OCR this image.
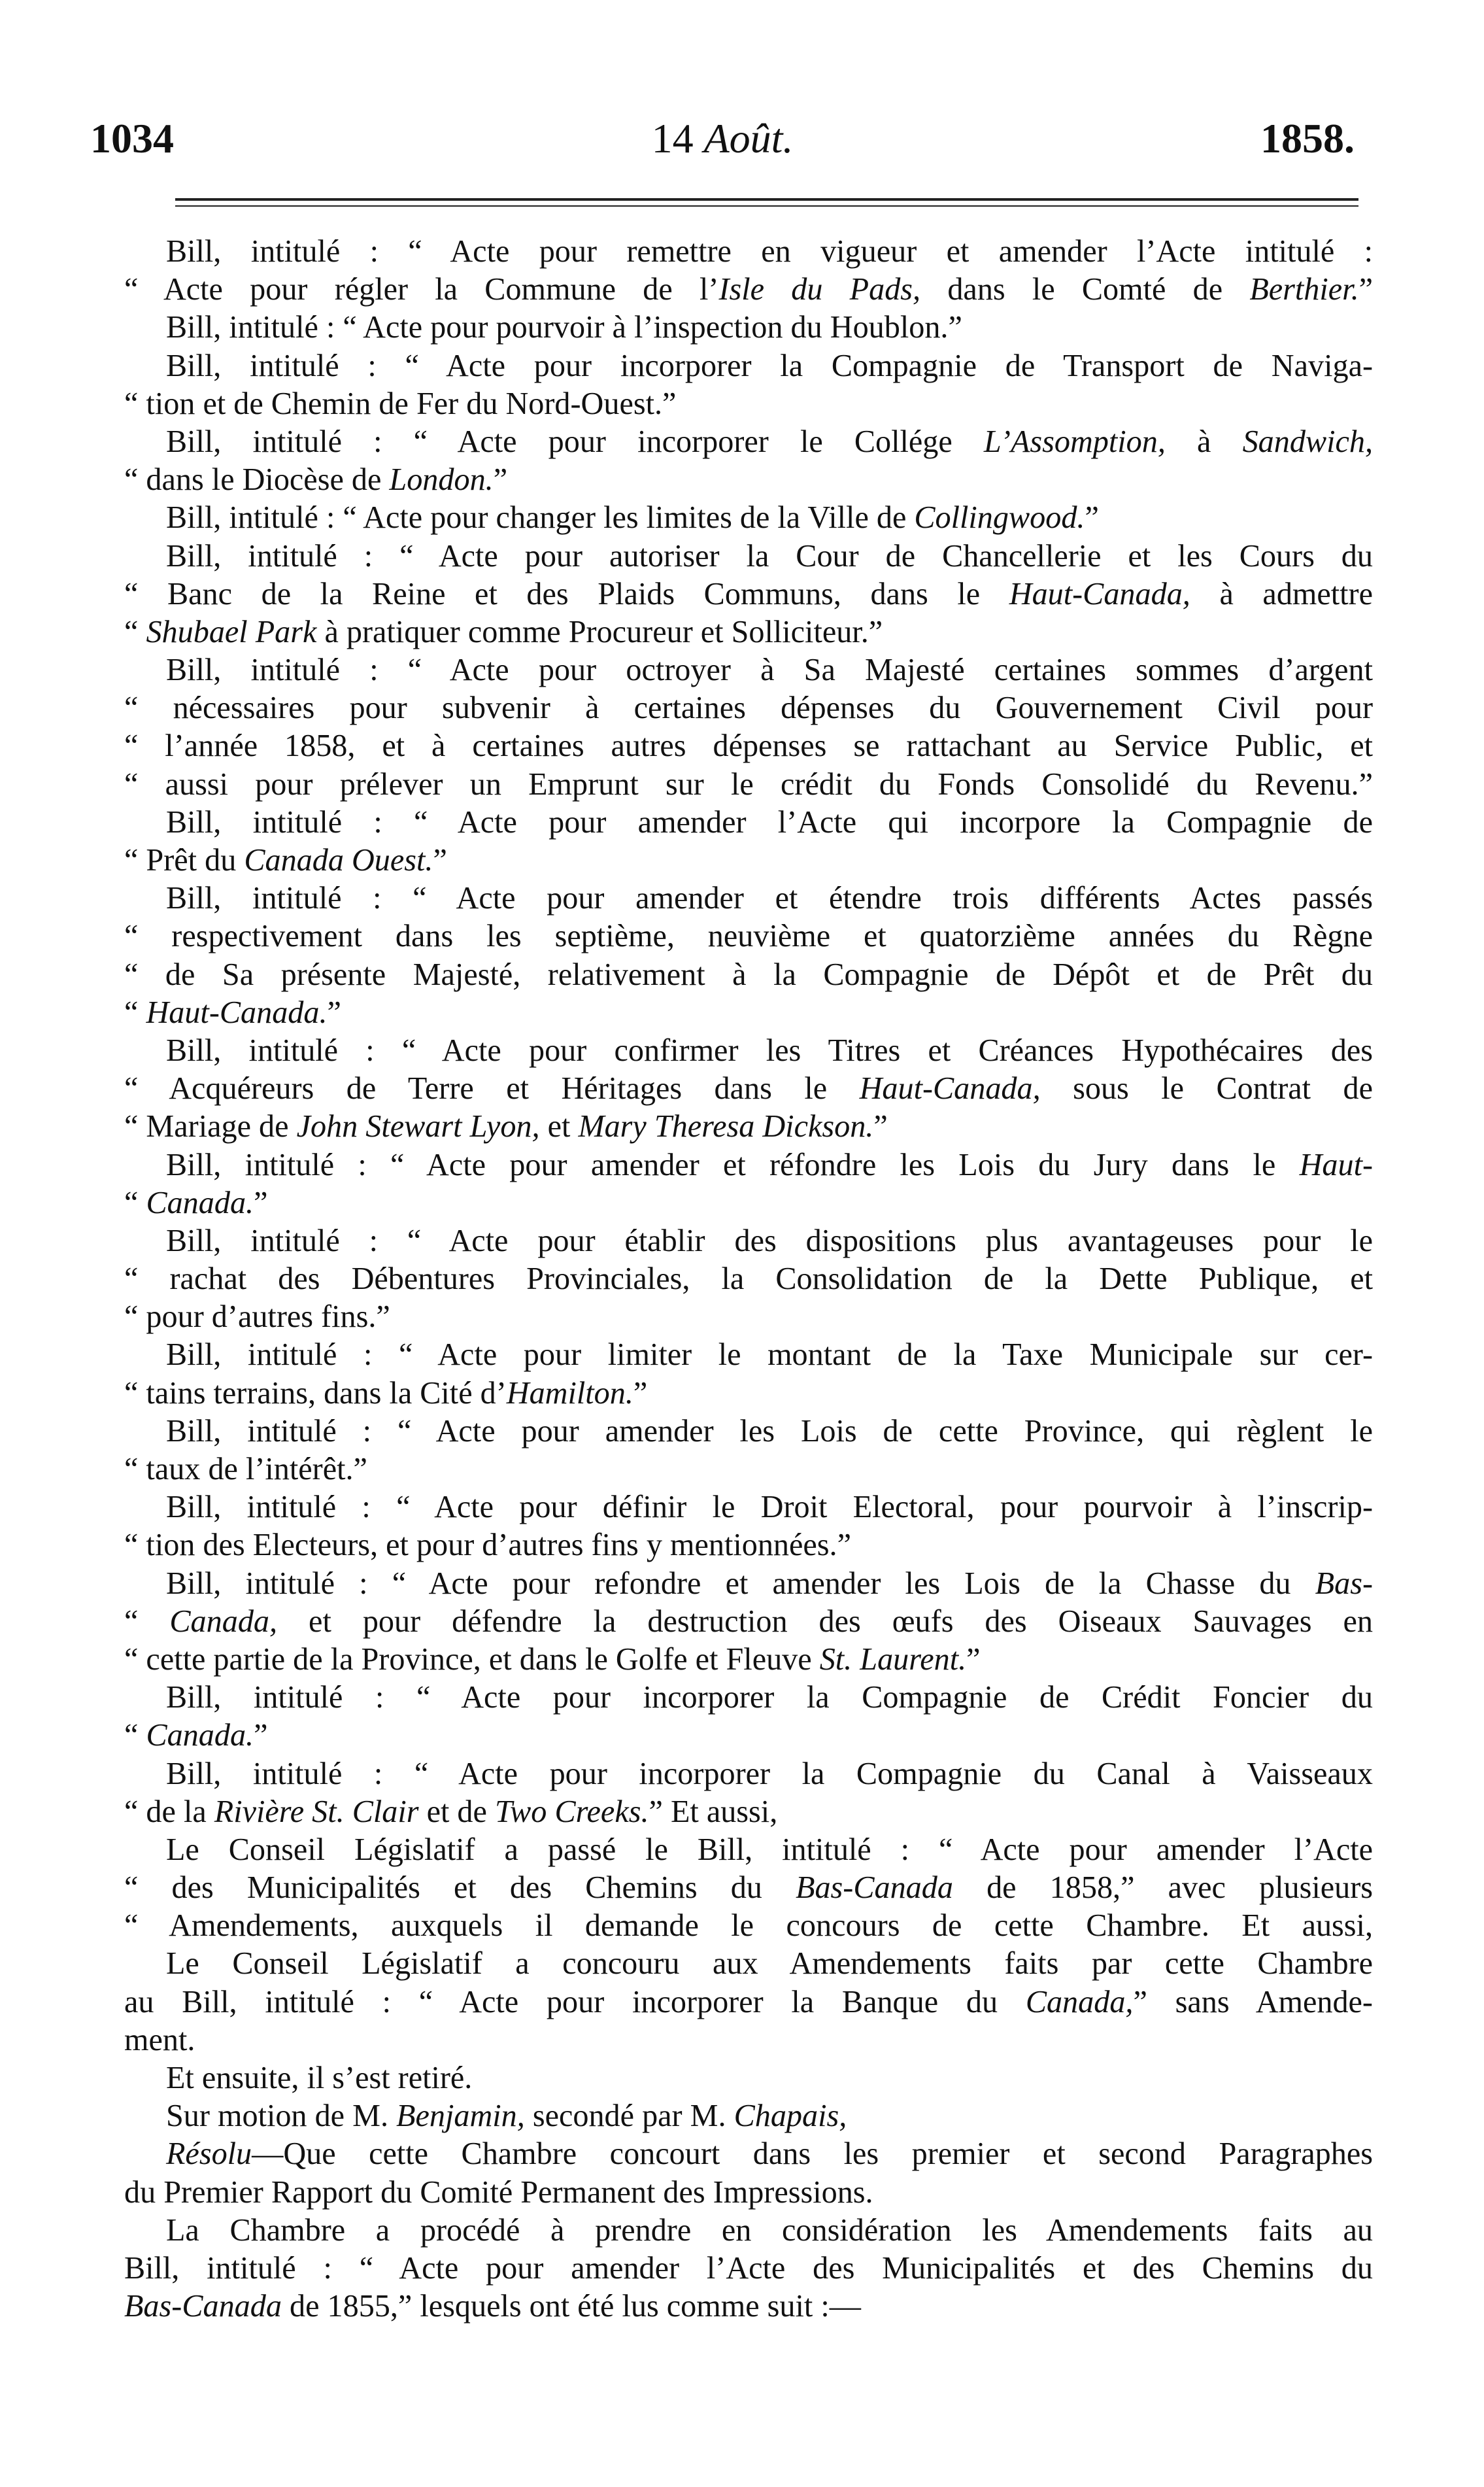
1034	14 Août.	1858.
Bill, intitulé : “ Acte pour remettre en vigueur et amender l’Acte intitulé :
“ Acte pour régler la Commune de l’Isle du Pads, dans le Comté de Berthier.”
Bill, intitulé : “ Acte pour pourvoir à l’inspection du Houblon.”
Bill, intitulé : “ Acte pour incorporer la Compagnie de Transport de Naviga-
“ tion et de Chemin de Fer du Nord-Ouest.”
Bill, intitulé : “ Acte pour incorporer le Collége L’Assomption, à Sandwich,
“ dans le Diocèse de London.”
Bill, intitulé : “ Acte pour changer les limites de la Ville de Collingwood.”
Bill, intitulé : “ Acte pour autoriser la Cour de Chancellerie et les Cours du
“ Banc de la Reine et des Plaids Communs, dans le Haut-Canada, à admettre
“ Shubael Park à pratiquer comme Procureur et Solliciteur.”
Bill, intitulé : “ Acte pour octroyer à Sa Majesté certaines sommes d’argent
“ nécessaires pour subvenir à certaines dépenses du Gouvernement Civil pour
“ l’année 1858, et à certaines autres dépenses se rattachant au Service Public, et
“ aussi pour prélever un Emprunt sur le crédit du Fonds Consolidé du Revenu.”
Bill, intitulé : “ Acte pour amender l’Acte qui incorpore la Compagnie de
“ Prêt du Canada Ouest.”
Bill, intitulé : “ Acte pour amender et étendre trois différents Actes passés
“ respectivement dans les septième, neuvième et quatorzième années du Règne
“ de Sa présente Majesté, relativement à la Compagnie de Dépôt et de Prêt du
“ Haut-Canada.”
Bill, intitulé : “ Acte pour confirmer les Titres et Créances Hypothécaires des
“ Acquéreurs de Terre et Héritages dans le Haut-Canada, sous le Contrat de
“ Mariage de John Stewart Lyon, et Mary Theresa Dickson.”
Bill, intitulé : “ Acte pour amender et réfondre les Lois du Jury dans le Haut-
“ Canada.”
Bill, intitulé : “ Acte pour établir des dispositions plus avantageuses pour le
“ rachat des Débentures Provinciales, la Consolidation de la Dette Publique, et
“ pour d’autres fins.”
Bill, intitulé : “ Acte pour limiter le montant de la Taxe Municipale sur cer-
“ tains terrains, dans la Cité d’Hamilton.”
Bill, intitulé : “ Acte pour amender les Lois de cette Province, qui règlent le
“ taux de l’intérêt.”
Bill, intitulé : “ Acte pour définir le Droit Electoral, pour pourvoir à l’inscrip-
“ tion des Electeurs, et pour d’autres fins y mentionnées.”
Bill, intitulé : “ Acte pour refondre et amender les Lois de la Chasse du Bas-
“ Canada, et pour défendre la destruction des œufs des Oiseaux Sauvages en
“ cette partie de la Province, et dans le Golfe et Fleuve St. Laurent.”
Bill, intitulé : “ Acte pour incorporer la Compagnie de Crédit Foncier du
“ Canada.”
Bill, intitulé : “ Acte pour incorporer la Compagnie du Canal à Vaisseaux
“ de la Rivière St. Clair et de Two Creeks.” Et aussi,
Le Conseil Législatif a passé le Bill, intitulé : “ Acte pour amender l’Acte
“ des Municipalités et des Chemins du Bas-Canada de 1858,” avec plusieurs
“ Amendements, auxquels il demande le concours de cette Chambre. Et aussi,
Le Conseil Législatif a concouru aux Amendements faits par cette Chambre
au Bill, intitulé : “ Acte pour incorporer la Banque du Canada,” sans Amende-
ment.
Et ensuite, il s’est retiré.
Sur motion de M. Benjamin, secondé par M. Chapais,
Résolu—Que cette Chambre concourt dans les premier et second Paragraphes
du Premier Rapport du Comité Permanent des Impressions.
La Chambre a procédé à prendre en considération les Amendements faits au
Bill, intitulé : “ Acte pour amender l’Acte des Municipalités et des Chemins du
Bas-Canada de 1855,” lesquels ont été lus comme suit :—
